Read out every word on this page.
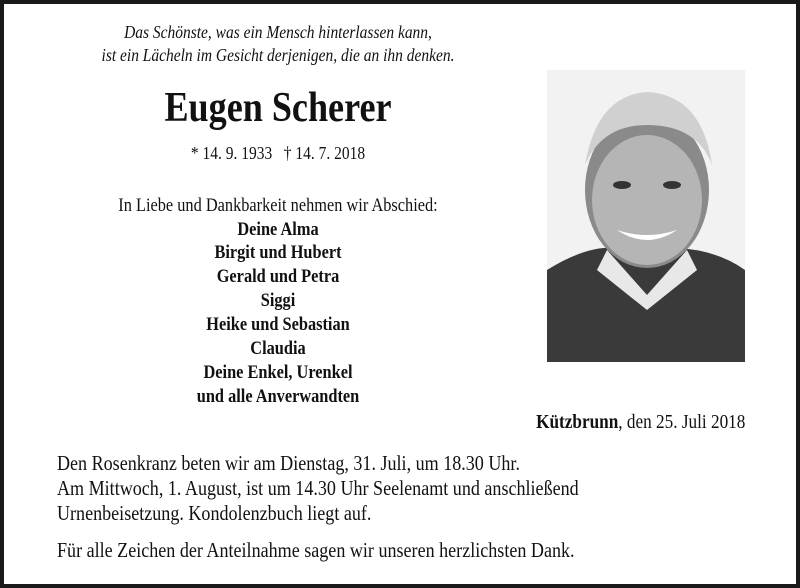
Das Schönste, was ein Mensch hinterlassen kann,
ist ein Lächeln im Gesicht derjenigen, die an ihn denken.
Eugen Scherer
* 14. 9. 1933   † 14. 7. 2018
In Liebe und Dankbarkeit nehmen wir Abschied:
Deine Alma
Birgit und Hubert
Gerald und Petra
Siggi
Heike und Sebastian
Claudia
Deine Enkel, Urenkel
und alle Anverwandten
Kützbrunn, den 25. Juli 2018
Den Rosenkranz beten wir am Dienstag, 31. Juli, um 18.30 Uhr.
Am Mittwoch, 1. August, ist um 14.30 Uhr Seelenamt und anschließend
Urnenbeisetzung. Kondolenzbuch liegt auf.
Für alle Zeichen der Anteilnahme sagen wir unseren herzlichsten Dank.
